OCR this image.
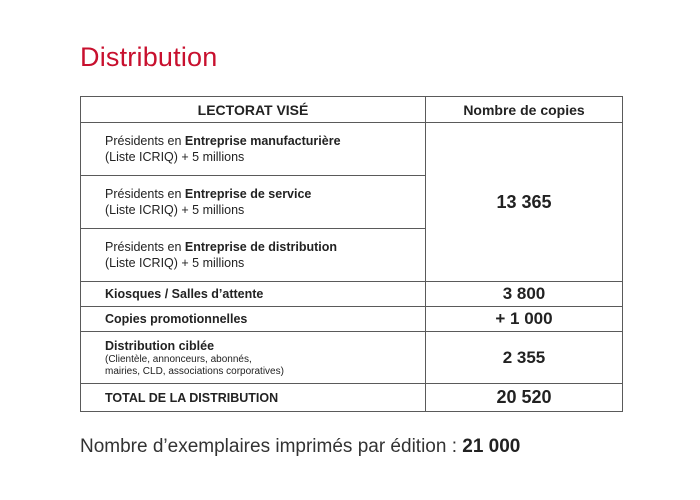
Distribution
LECTORAT VISÉ	Nombre de copies
Présidents en Entreprise manufacturière
(Liste ICRIQ) + 5 millions	13 365
Présidents en Entreprise de service
(Liste ICRIQ) + 5 millions	

Présidents en Entreprise de distribution
(Liste ICRIQ) + 5 millions	

Kiosques / Salles d’attente	3 800
Copies promotionnelles	+ 1 000
Distribution ciblée
(Clientèle, annonceurs, abonnés,
mairies, CLD, associations corporatives)	2 355
TOTAL DE LA DISTRIBUTION	20 520

Nombre d’exemplaires imprimés par édition : 21 000
